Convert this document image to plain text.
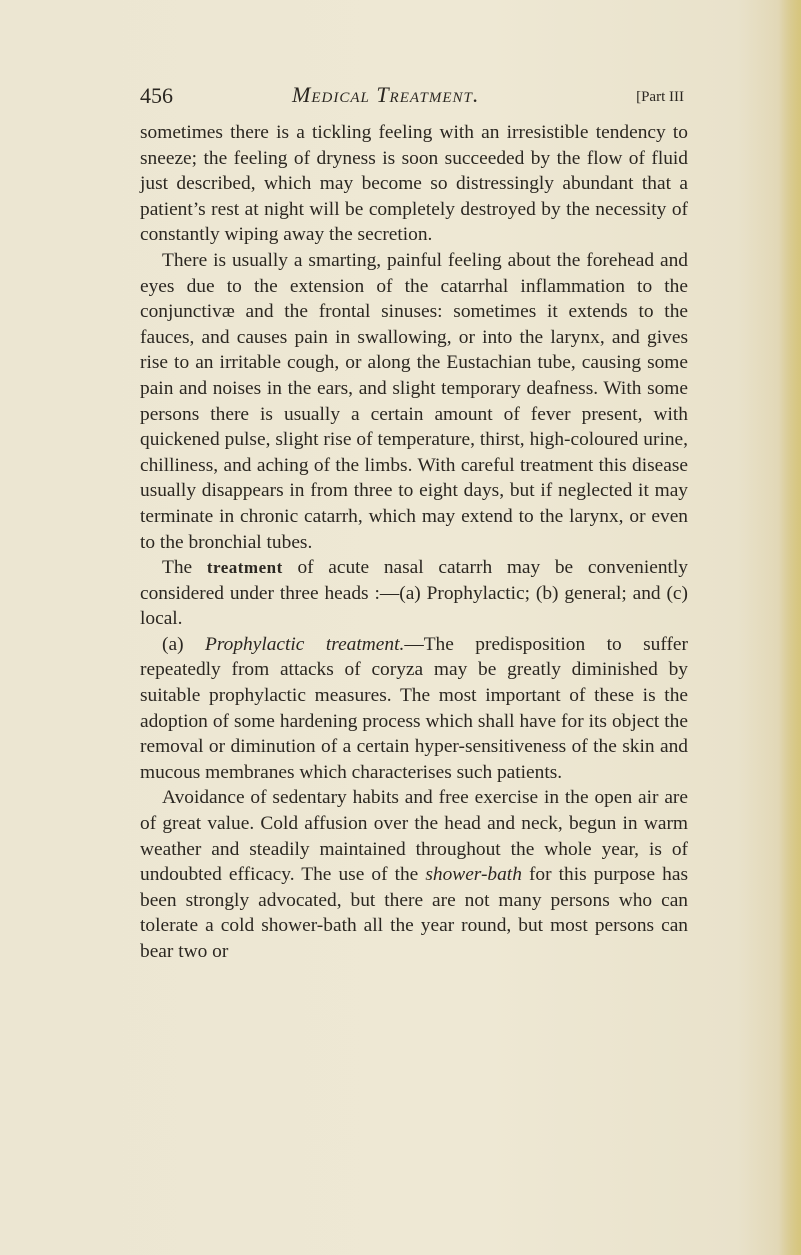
456	Medical Treatment.	[Part III

sometimes there is a tickling feeling with an irresistible tendency to sneeze; the feeling of dryness is soon succeeded by the flow of fluid just described, which may become so distressingly abundant that a patient’s rest at night will be completely destroyed by the necessity of constantly wiping away the secretion.

There is usually a smarting, painful feeling about the forehead and eyes due to the extension of the catarrhal inflammation to the conjunctivæ and the frontal sinuses: sometimes it extends to the fauces, and causes pain in swallowing, or into the larynx, and gives rise to an irritable cough, or along the Eustachian tube, causing some pain and noises in the ears, and slight temporary deafness. With some persons there is usually a certain amount of fever present, with quickened pulse, slight rise of temperature, thirst, high-coloured urine, chilliness, and aching of the limbs. With careful treatment this disease usually disappears in from three to eight days, but if neglected it may terminate in chronic catarrh, which may extend to the larynx, or even to the bronchial tubes.

The treatment of acute nasal catarrh may be conveniently considered under three heads :—(a) Prophylactic; (b) general; and (c) local.

(a) Prophylactic treatment.—The predisposition to suffer repeatedly from attacks of coryza may be greatly diminished by suitable prophylactic measures. The most important of these is the adoption of some hardening process which shall have for its object the removal or diminution of a certain hyper-sensitiveness of the skin and mucous membranes which characterises such patients.

Avoidance of sedentary habits and free exercise in the open air are of great value. Cold affusion over the head and neck, begun in warm weather and steadily maintained throughout the whole year, is of undoubted efficacy. The use of the shower-bath for this purpose has been strongly advocated, but there are not many persons who can tolerate a cold shower-bath all the year round, but most persons can bear two or
